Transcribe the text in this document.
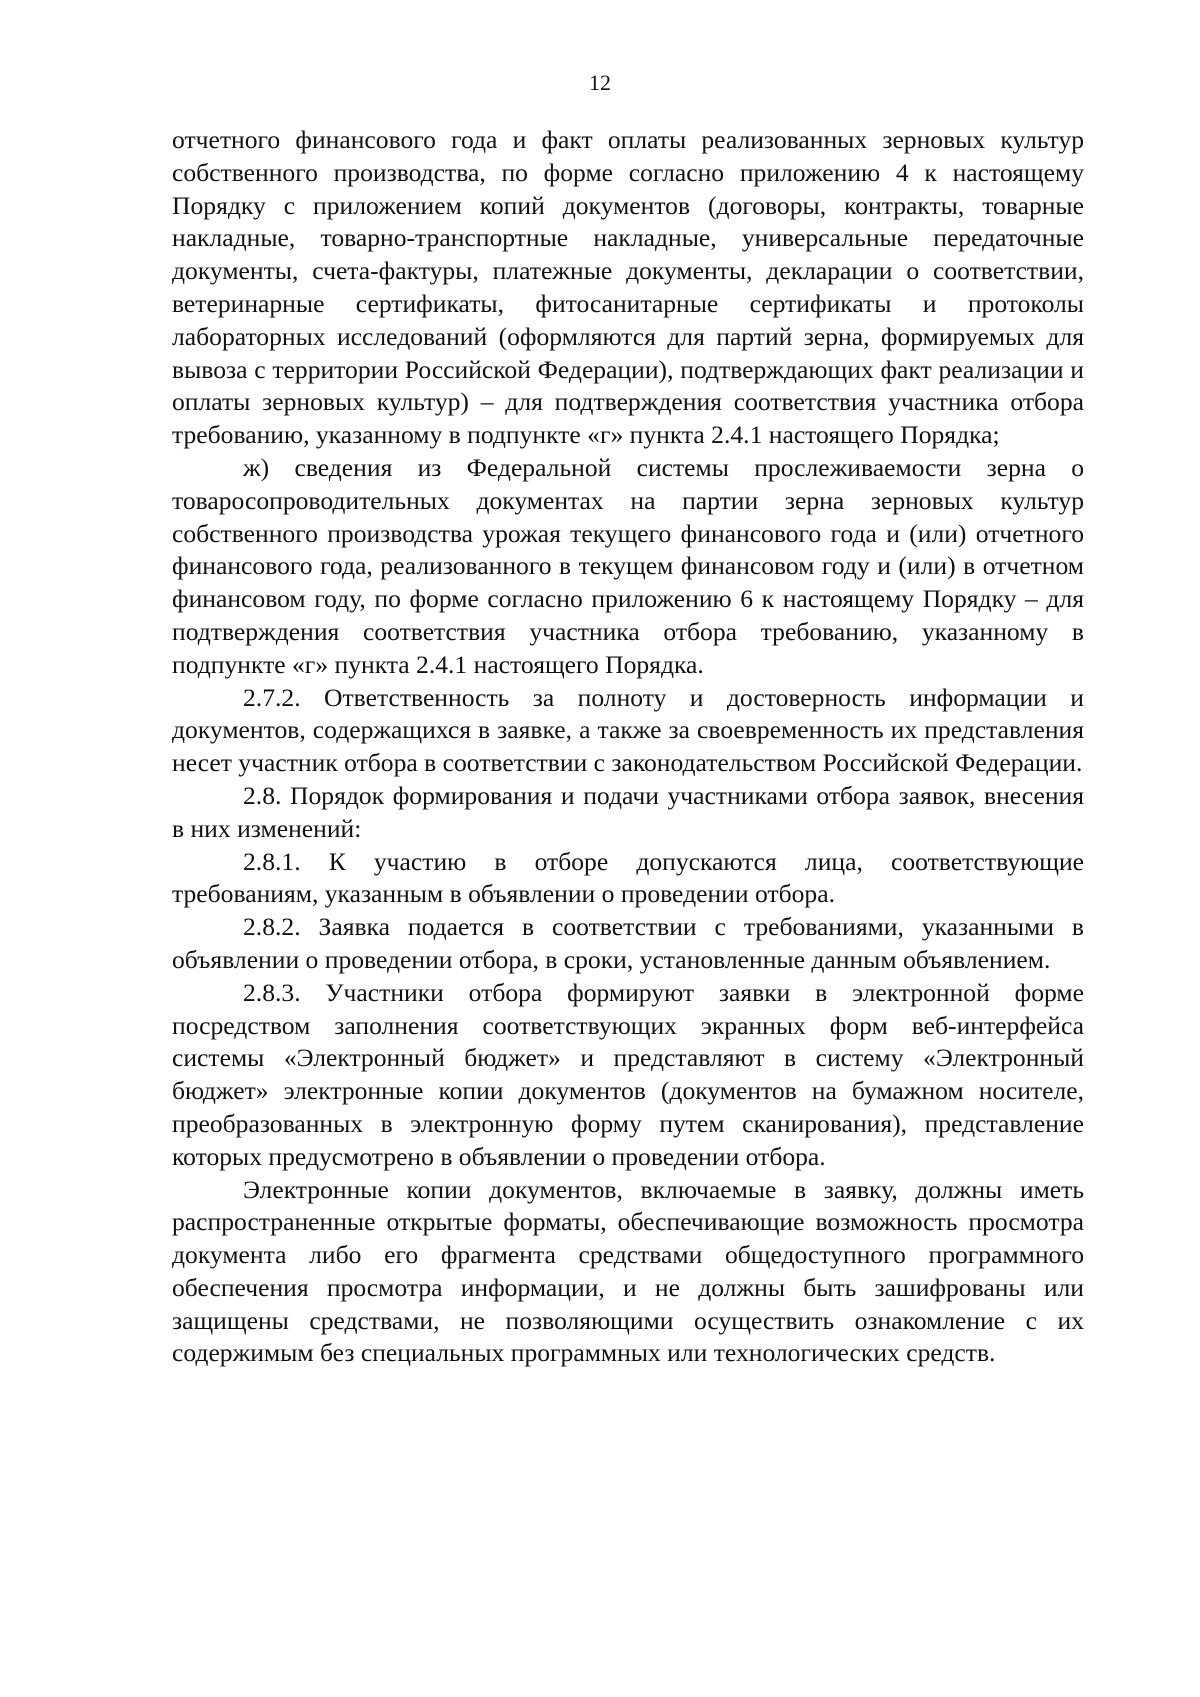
12

отчетного финансового года и факт оплаты реализованных зерновых культур собственного производства, по форме согласно приложению 4 к настоящему Порядку с приложением копий документов (договоры, контракты, товарные накладные, товарно-транспортные накладные, универсальные передаточные документы, счета-фактуры, платежные документы, декларации о соответствии, ветеринарные сертификаты, фитосанитарные сертификаты и протоколы лабораторных исследований (оформляются для партий зерна, формируемых для вывоза с территории Российской Федерации), подтверждающих факт реализации и оплаты зерновых культур) – для подтверждения соответствия участника отбора требованию, указанному в подпункте «г» пункта 2.4.1 настоящего Порядка;

ж) сведения из Федеральной системы прослеживаемости зерна о товаросопроводительных документах на партии зерна зерновых культур собственного производства урожая текущего финансового года и (или) отчетного финансового года, реализованного в текущем финансовом году и (или) в отчетном финансовом году, по форме согласно приложению 6 к настоящему Порядку – для подтверждения соответствия участника отбора требованию, указанному в подпункте «г» пункта 2.4.1 настоящего Порядка.

2.7.2. Ответственность за полноту и достоверность информации и документов, содержащихся в заявке, а также за своевременность их представления несет участник отбора в соответствии с законодательством Российской Федерации.

2.8. Порядок формирования и подачи участниками отбора заявок, внесения в них изменений:

2.8.1. К участию в отборе допускаются лица, соответствующие требованиям, указанным в объявлении о проведении отбора.

2.8.2. Заявка подается в соответствии с требованиями, указанными в объявлении о проведении отбора, в сроки, установленные данным объявлением.

2.8.3. Участники отбора формируют заявки в электронной форме посредством заполнения соответствующих экранных форм веб-интерфейса системы «Электронный бюджет» и представляют в систему «Электронный бюджет» электронные копии документов (документов на бумажном носителе, преобразованных в электронную форму путем сканирования), представление которых предусмотрено в объявлении о проведении отбора.

Электронные копии документов, включаемые в заявку, должны иметь распространенные открытые форматы, обеспечивающие возможность просмотра документа либо его фрагмента средствами общедоступного программного обеспечения просмотра информации, и не должны быть зашифрованы или защищены средствами, не позволяющими осуществить ознакомление с их содержимым без специальных программных или технологических средств.
